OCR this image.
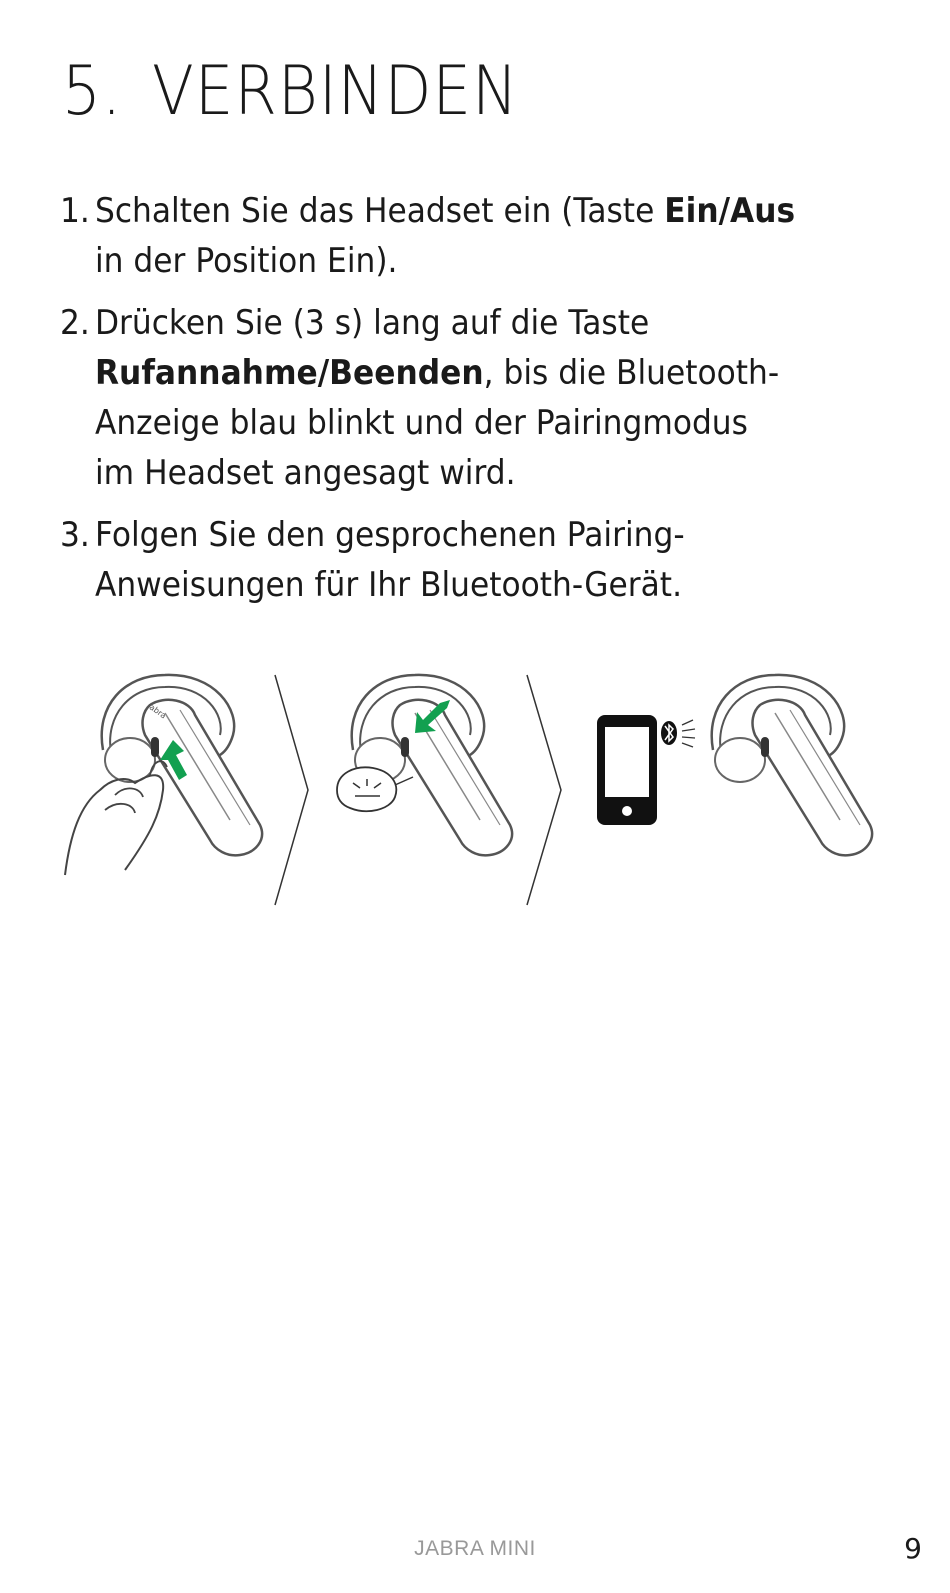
5. VERBINDEN
1. Schalten Sie das Headset ein (Taste Ein/Aus in der Position Ein).
2. Drücken Sie (3 s) lang auf die Taste Rufannahme/Beenden, bis die Bluetooth-Anzeige blau blinkt und der Pairingmodus im Headset angesagt wird.
3. Folgen Sie den gesprochenen Pairing-Anweisungen für Ihr Bluetooth-Gerät.
Jabra
JABRA MINI	9
